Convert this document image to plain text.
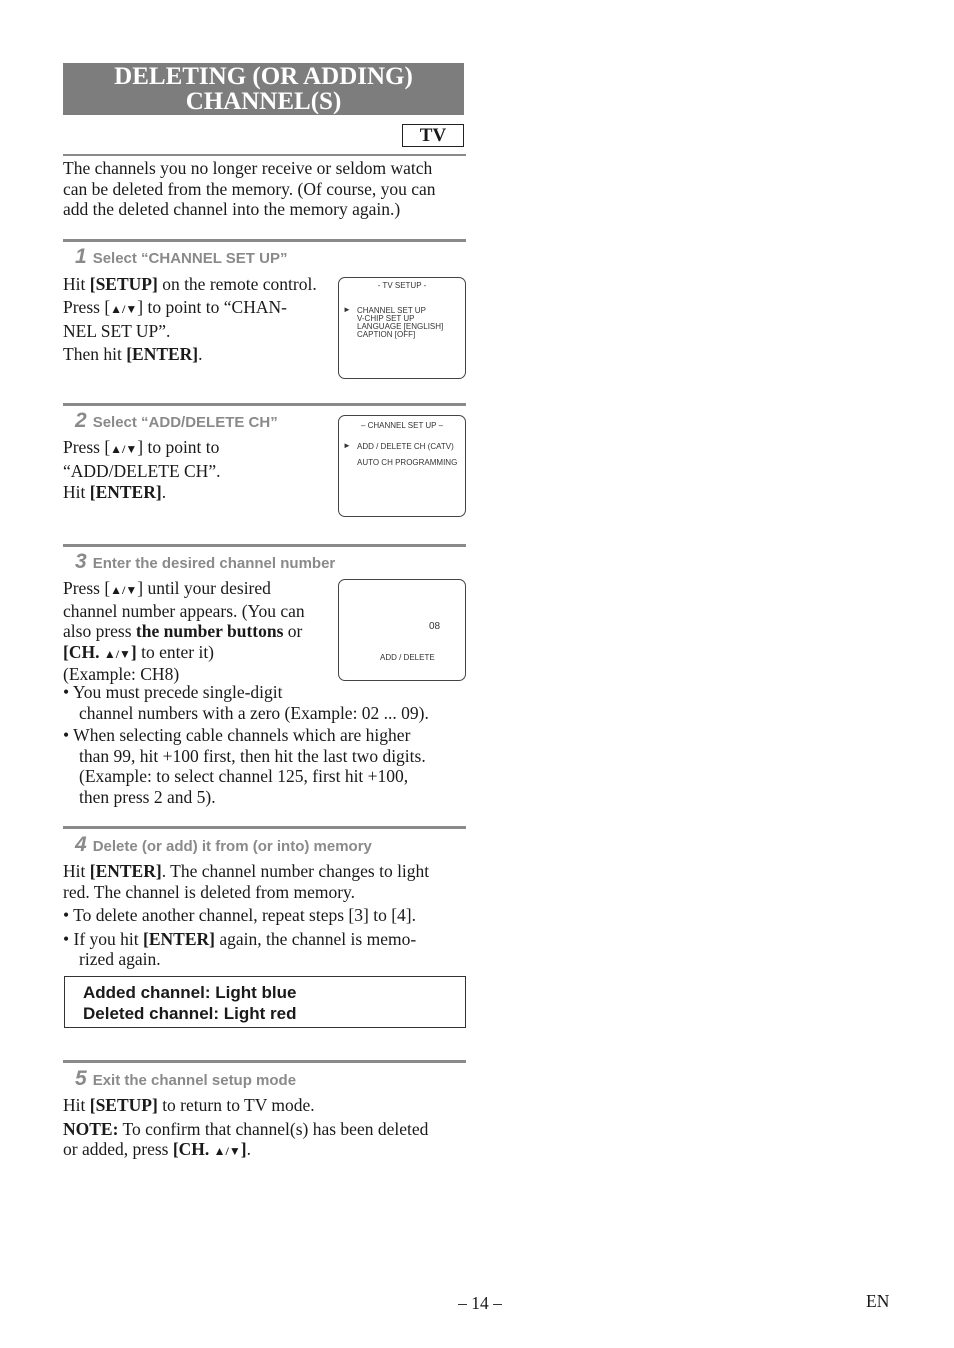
DELETING (OR ADDING)
CHANNEL(S)
TV
The channels you no longer receive or seldom watch
can be deleted from the memory. (Of course, you can
add the deleted channel into the memory again.)
1 Select “CHANNEL SET UP”
Hit [SETUP] on the remote control.
Press [▲/▼] to point to “CHAN-
NEL SET UP”.
Then hit [ENTER].
- TV SETUP -
► CHANNEL SET UP
V-CHIP SET UP
LANGUAGE [ENGLISH]
CAPTION [OFF]
2 Select “ADD/DELETE CH”
Press [▲/▼] to point to
“ADD/DELETE CH”.
Hit [ENTER].
– CHANNEL SET UP –
► ADD / DELETE CH (CATV)
AUTO CH PROGRAMMING
3 Enter the desired channel number
Press [▲/▼] until your desired
channel number appears. (You can
also press the number buttons or
[CH. ▲/▼] to enter it)
(Example: CH8)
08
ADD / DELETE
• You must precede single-digit
channel numbers with a zero (Example: 02 ... 09).
• When selecting cable channels which are higher
than 99, hit +100 first, then hit the last two digits.
(Example: to select channel 125, first hit +100,
then press 2 and 5).
4 Delete (or add) it from (or into) memory
Hit [ENTER]. The channel number changes to light
red. The channel is deleted from memory.
• To delete another channel, repeat steps [3] to [4].
• If you hit [ENTER] again, the channel is memo-
rized again.
Added channel: Light blue
Deleted channel: Light red
5 Exit the channel setup mode
Hit [SETUP] to return to TV mode.
NOTE: To confirm that channel(s) has been deleted
or added, press [CH. ▲/▼].
– 14 –	EN
